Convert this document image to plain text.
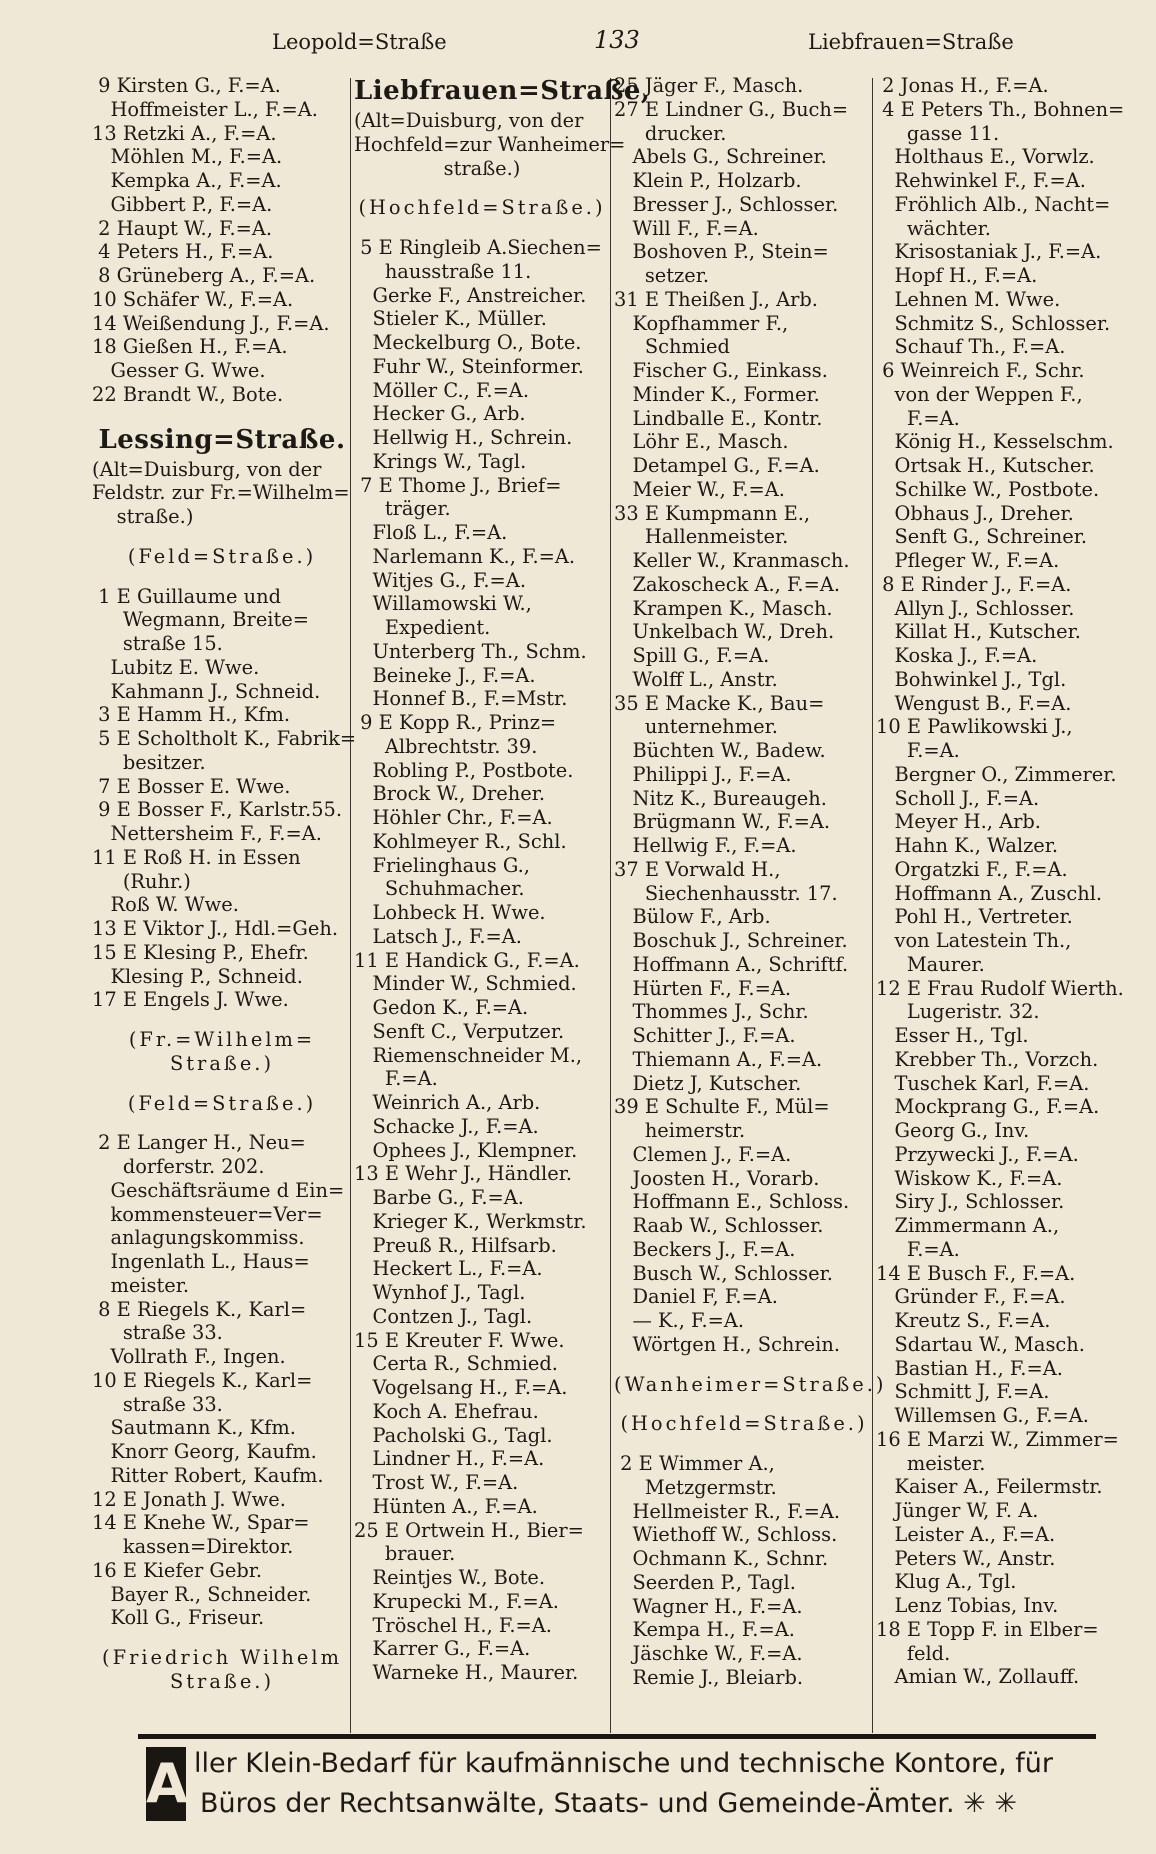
Leopold=Straße	133	Liebfrauen=Straße
9 Kirsten G., F.=A.
Hoffmeister L., F.=A.
13 Retzki A., F.=A.
Möhlen M., F.=A.
Kempka A., F.=A.
Gibbert P., F.=A.
2 Haupt W., F.=A.
4 Peters H., F.=A.
8 Grüneberg A., F.=A.
10 Schäfer W., F.=A.
14 Weißendung J., F.=A.
18 Gießen H., F.=A.
Gesser G. Wwe.
22 Brandt W., Bote.
Lessing=Straße.
(Alt=Duisburg, von der
Feldstr. zur Fr.=Wilhelm=
straße.)
(Feld=Straße.)
1 E Guillaume und
Wegmann, Breite=
straße 15.
Lubitz E. Wwe.
Kahmann J., Schneid.
3 E Hamm H., Kfm.
5 E Scholtholt K., Fabrik=
besitzer.
7 E Bosser E. Wwe.
9 E Bosser F., Karlstr.55.
Nettersheim F., F.=A.
11 E Roß H. in Essen
(Ruhr.)
Roß W. Wwe.
13 E Viktor J., Hdl.=Geh.
15 E Klesing P., Ehefr.
Klesing P., Schneid.
17 E Engels J. Wwe.
(Fr.=Wilhelm=
Straße.)
(Feld=Straße.)
2 E Langer H., Neu=
dorferstr. 202.
Geschäftsräume d Ein=
kommensteuer=Ver=
anlagungskommiss.
Ingenlath L., Haus=
meister.
8 E Riegels K., Karl=
straße 33.
Vollrath F., Ingen.
10 E Riegels K., Karl=
straße 33.
Sautmann K., Kfm.
Knorr Georg, Kaufm.
Ritter Robert, Kaufm.
12 E Jonath J. Wwe.
14 E Knehe W., Spar=
kassen=Direktor.
16 E Kiefer Gebr.
Bayer R., Schneider.
Koll G., Friseur.
(Friedrich Wilhelm
Straße.)
Liebfrauen=Straße,
(Alt=Duisburg, von der
Hochfeld=zur Wanheimer=
straße.)
(Hochfeld=Straße.)
5 E Ringleib A.Siechen=
hausstraße 11.
Gerke F., Anstreicher.
Stieler K., Müller.
Meckelburg O., Bote.
Fuhr W., Steinformer.
Möller C., F.=A.
Hecker G., Arb.
Hellwig H., Schrein.
Krings W., Tagl.
7 E Thome J., Brief=
träger.
Floß L., F.=A.
Narlemann K., F.=A.
Witjes G., F.=A.
Willamowski W.,
Expedient.
Unterberg Th., Schm.
Beineke J., F.=A.
Honnef B., F.=Mstr.
9 E Kopp R., Prinz=
Albrechtstr. 39.
Robling P., Postbote.
Brock W., Dreher.
Höhler Chr., F.=A.
Kohlmeyer R., Schl.
Frielinghaus G.,
Schuhmacher.
Lohbeck H. Wwe.
Latsch J., F.=A.
11 E Handick G., F.=A.
Minder W., Schmied.
Gedon K., F.=A.
Senft C., Verputzer.
Riemenschneider M.,
F.=A.
Weinrich A., Arb.
Schacke J., F.=A.
Ophees J., Klempner.
13 E Wehr J., Händler.
Barbe G., F.=A.
Krieger K., Werkmstr.
Preuß R., Hilfsarb.
Heckert L., F.=A.
Wynhof J., Tagl.
Contzen J., Tagl.
15 E Kreuter F. Wwe.
Certa R., Schmied.
Vogelsang H., F.=A.
Koch A. Ehefrau.
Pacholski G., Tagl.
Lindner H., F.=A.
Trost W., F.=A.
Hünten A., F.=A.
25 E Ortwein H., Bier=
brauer.
Reintjes W., Bote.
Krupecki M., F.=A.
Tröschel H., F.=A.
Karrer G., F.=A.
Warneke H., Maurer.
25 Jäger F., Masch.
27 E Lindner G., Buch=
drucker.
Abels G., Schreiner.
Klein P., Holzarb.
Bresser J., Schlosser.
Will F., F.=A.
Boshoven P., Stein=
setzer.
31 E Theißen J., Arb.
Kopfhammer F.,
Schmied
Fischer G., Einkass.
Minder K., Former.
Lindballe E., Kontr.
Löhr E., Masch.
Detampel G., F.=A.
Meier W., F.=A.
33 E Kumpmann E.,
Hallenmeister.
Keller W., Kranmasch.
Zakoscheck A., F.=A.
Krampen K., Masch.
Unkelbach W., Dreh.
Spill G., F.=A.
Wolff L., Anstr.
35 E Macke K., Bau=
unternehmer.
Büchten W., Badew.
Philippi J., F.=A.
Nitz K., Bureaugeh.
Brügmann W., F.=A.
Hellwig F., F.=A.
37 E Vorwald H.,
Siechenhausstr. 17.
Bülow F., Arb.
Boschuk J., Schreiner.
Hoffmann A., Schriftf.
Hürten F., F.=A.
Thommes J., Schr.
Schitter J., F.=A.
Thiemann A., F.=A.
Dietz J, Kutscher.
39 E Schulte F., Mül=
heimerstr.
Clemen J., F.=A.
Joosten H., Vorarb.
Hoffmann E., Schloss.
Raab W., Schlosser.
Beckers J., F.=A.
Busch W., Schlosser.
Daniel F, F.=A.
— K., F.=A.
Wörtgen H., Schrein.
(Wanheimer=Straße.)
(Hochfeld=Straße.)
2 E Wimmer A.,
Metzgermstr.
Hellmeister R., F.=A.
Wiethoff W., Schloss.
Ochmann K., Schnr.
Seerden P., Tagl.
Wagner H., F.=A.
Kempa H., F.=A.
Jäschke W., F.=A.
Remie J., Bleiarb.
2 Jonas H., F.=A.
4 E Peters Th., Bohnen=
gasse 11.
Holthaus E., Vorwlz.
Rehwinkel F., F.=A.
Fröhlich Alb., Nacht=
wächter.
Krisostaniak J., F.=A.
Hopf H., F.=A.
Lehnen M. Wwe.
Schmitz S., Schlosser.
Schauf Th., F.=A.
6 Weinreich F., Schr.
von der Weppen F.,
F.=A.
König H., Kesselschm.
Ortsak H., Kutscher.
Schilke W., Postbote.
Obhaus J., Dreher.
Senft G., Schreiner.
Pfleger W., F.=A.
8 E Rinder J., F.=A.
Allyn J., Schlosser.
Killat H., Kutscher.
Koska J., F.=A.
Bohwinkel J., Tgl.
Wengust B., F.=A.
10 E Pawlikowski J.,
F.=A.
Bergner O., Zimmerer.
Scholl J., F.=A.
Meyer H., Arb.
Hahn K., Walzer.
Orgatzki F., F.=A.
Hoffmann A., Zuschl.
Pohl H., Vertreter.
von Latestein Th.,
Maurer.
12 E Frau Rudolf Wierth.
Lugeristr. 32.
Esser H., Tgl.
Krebber Th., Vorzch.
Tuschek Karl, F.=A.
Mockprang G., F.=A.
Georg G., Inv.
Przywecki J., F.=A.
Wiskow K., F.=A.
Siry J., Schlosser.
Zimmermann A.,
F.=A.
14 E Busch F., F.=A.
Gründer F., F.=A.
Kreutz S., F.=A.
Sdartau W., Masch.
Bastian H., F.=A.
Schmitt J, F.=A.
Willemsen G., F.=A.
16 E Marzi W., Zimmer=
meister.
Kaiser A., Feilermstr.
Jünger W, F. A.
Leister A., F.=A.
Peters W., Anstr.
Klug A., Tgl.
Lenz Tobias, Inv.
18 E Topp F. in Elber=
feld.
Amian W., Zollauff.
A ller Klein-Bedarf für kaufmännische und technische Kontore, für
Büros der Rechtsanwälte, Staats- und Gemeinde-Ämter. ✳ ✳
